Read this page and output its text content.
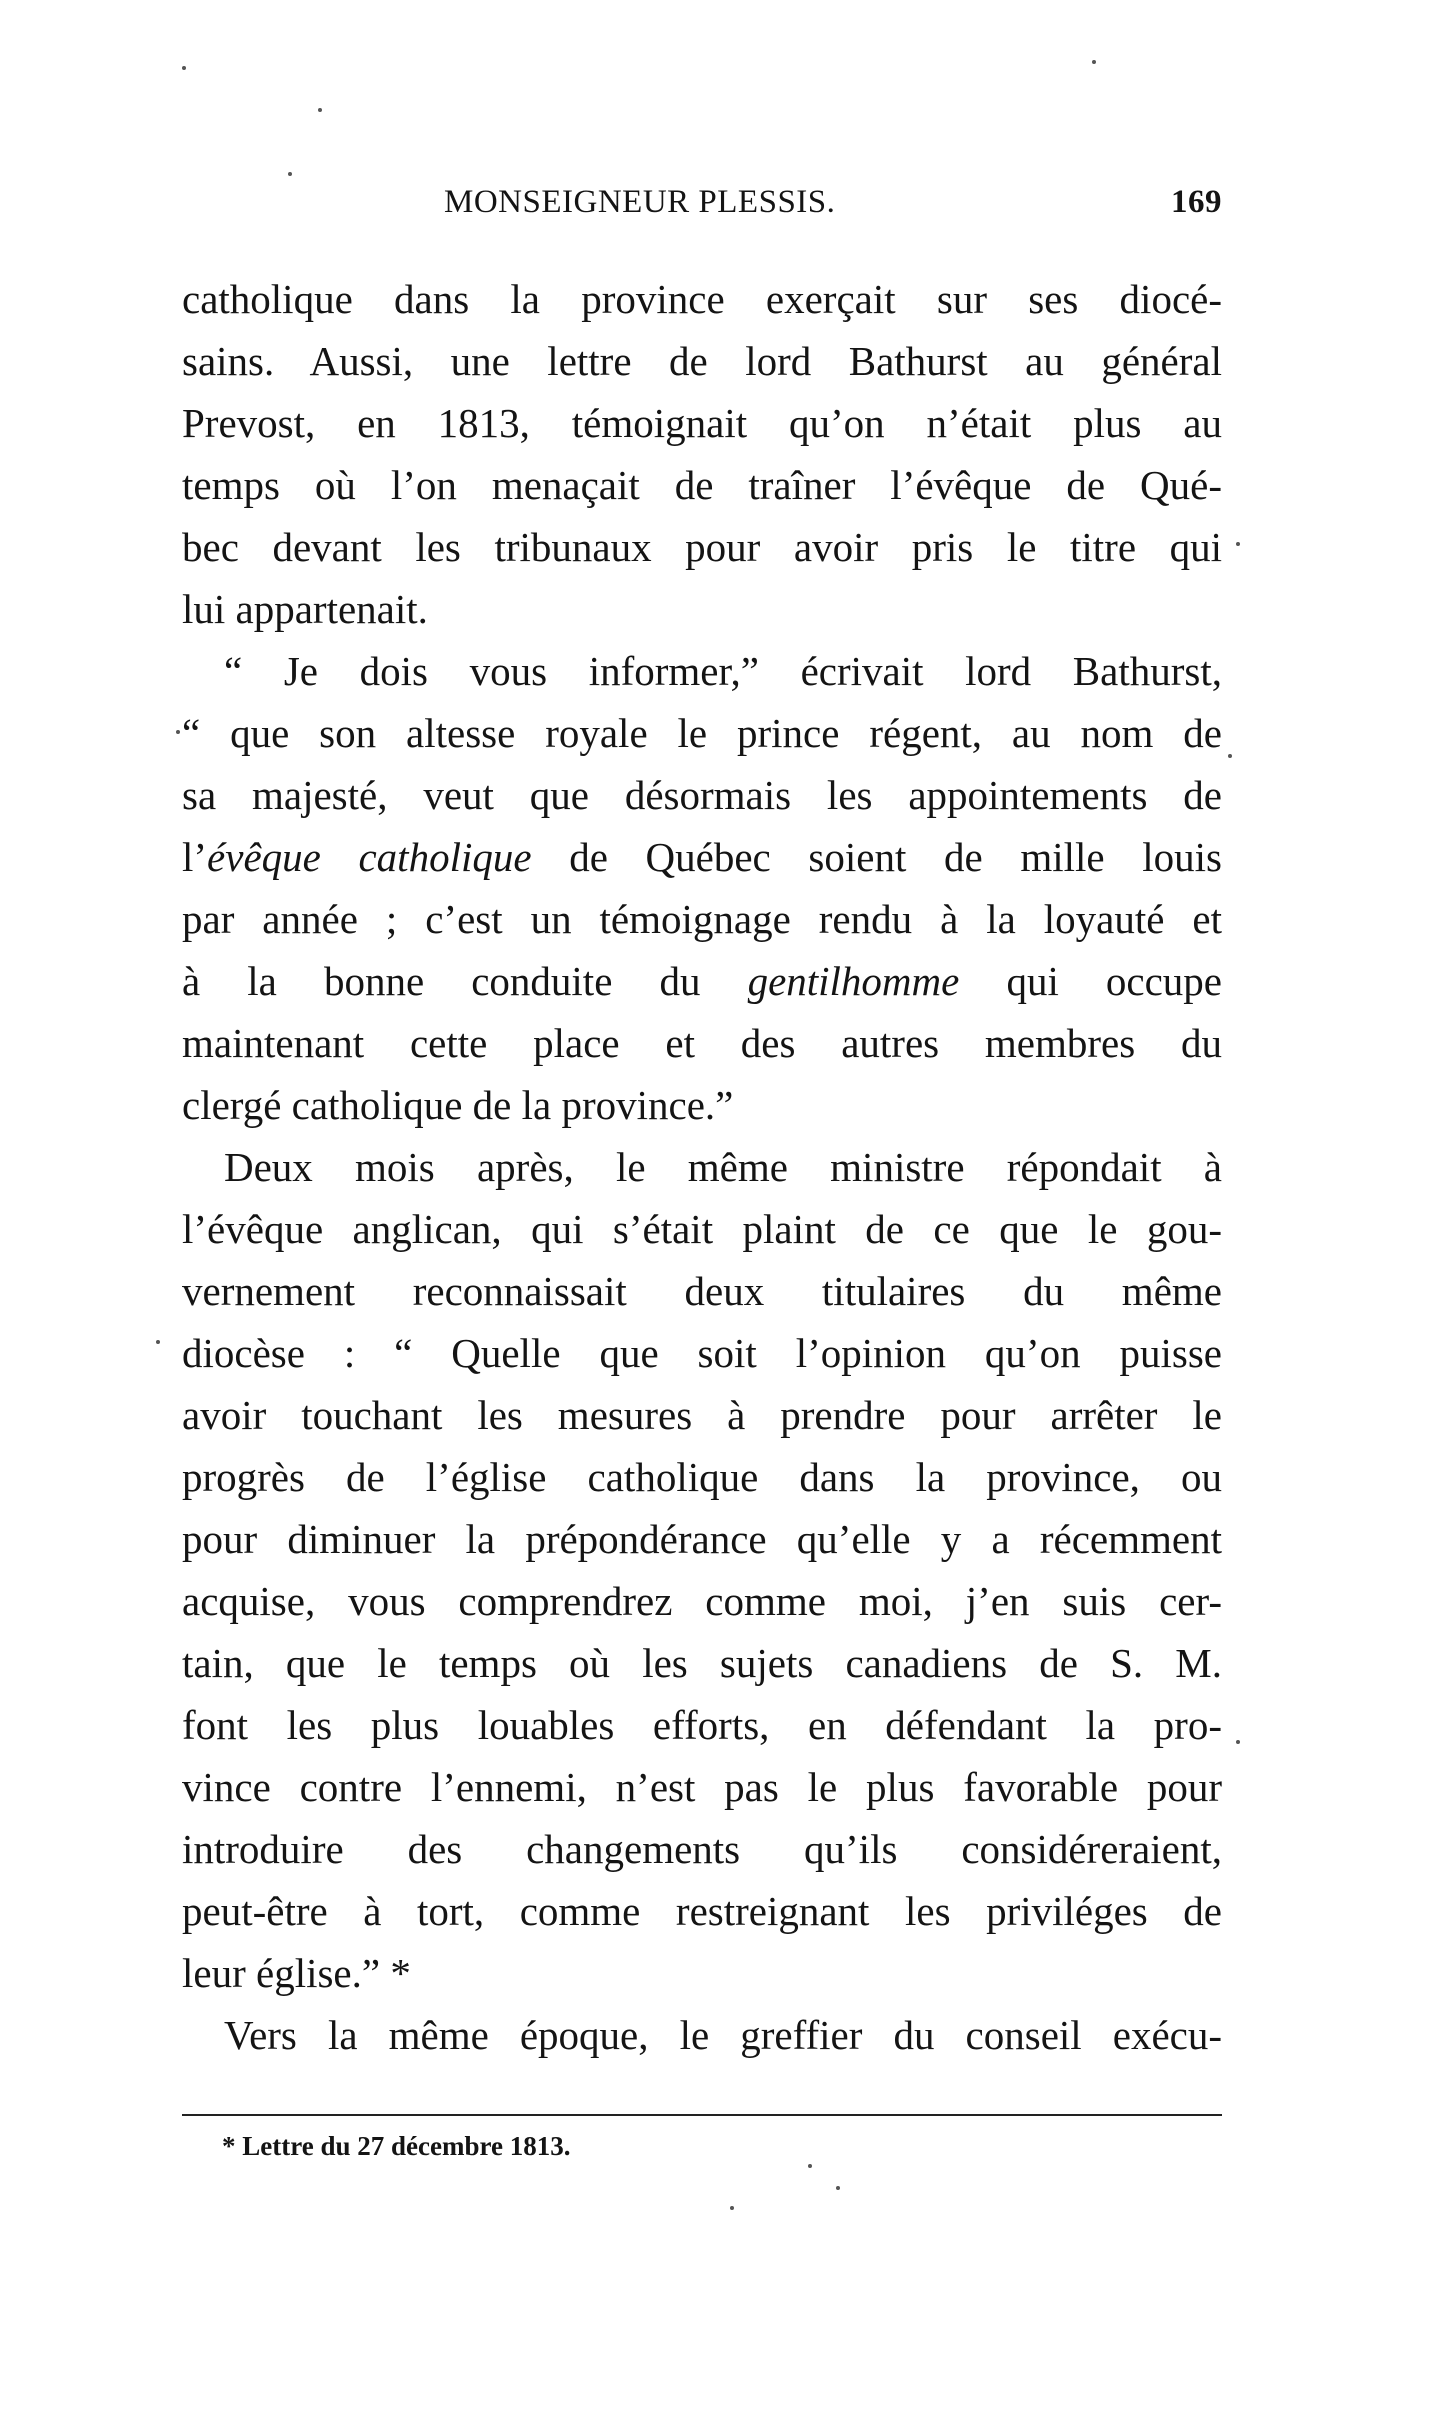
MONSEIGNEUR PLESSIS.	169
catholique dans la province exerçait sur ses diocé-
sains. Aussi, une lettre de lord Bathurst au général
Prevost, en 1813, témoignait qu’on n’était plus au
temps où l’on menaçait de traîner l’évêque de Qué-
bec devant les tribunaux pour avoir pris le titre qui
lui appartenait.
“ Je dois vous informer,” écrivait lord Bathurst,
“ que son altesse royale le prince régent, au nom de
sa majesté, veut que désormais les appointements de
l’évêque catholique de Québec soient de mille louis
par année ; c’est un témoignage rendu à la loyauté et
à la bonne conduite du gentilhomme qui occupe
maintenant cette place et des autres membres du
clergé catholique de la province.”
Deux mois après, le même ministre répondait à
l’évêque anglican, qui s’était plaint de ce que le gou-
vernement reconnaissait deux titulaires du même
diocèse : “ Quelle que soit l’opinion qu’on puisse
avoir touchant les mesures à prendre pour arrêter le
progrès de l’église catholique dans la province, ou
pour diminuer la prépondérance qu’elle y a récemment
acquise, vous comprendrez comme moi, j’en suis cer-
tain, que le temps où les sujets canadiens de S. M.
font les plus louables efforts, en défendant la pro-
vince contre l’ennemi, n’est pas le plus favorable pour
introduire des changements qu’ils considéreraient,
peut-être à tort, comme restreignant les priviléges de
leur église.” *
Vers la même époque, le greffier du conseil exécu-
* Lettre du 27 décembre 1813.
